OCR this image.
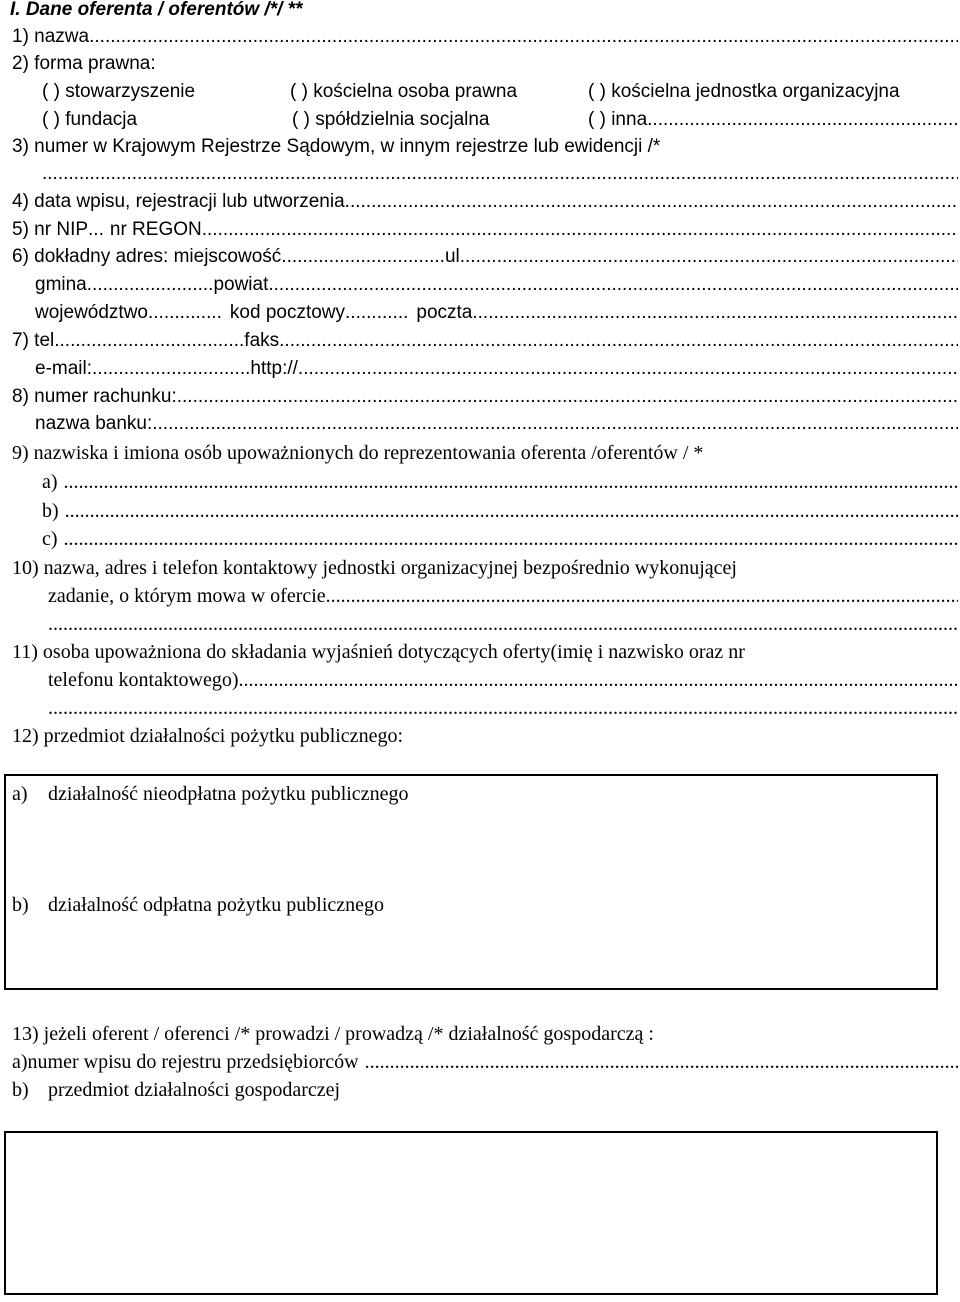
I. Dane oferenta / oferentów /*/ **
1) nazwa
.....
2) forma prawna:
( ) stowarzyszenie	( ) kościelna osoba prawna	( ) kościelna jednostka organizacyjna
( ) fundacja	( ) spółdzielnia socjalna	( ) inna
.....
3) numer w Krajowym Rejestrze Sądowym, w innym rejestrze lub ewidencji /*
.....
4) data wpisu, rejestracji lub utworzenia
.....
5) nr NIP ... nr REGON
.....
6) dokładny adres: miejscowość ............................... ul
.....
gmina ........................ powiat
.....
województwo .............. kod pocztowy ............ poczta
.....
7) tel. ................................... faks
.....
e-mail: .............................. http://
.....
8) numer rachunku:
.....
nazwa banku:
.....
9) nazwiska i imiona osób upoważnionych do reprezentowania oferenta /oferentów / *
a)
.....
b)
.....
c)
.....
10) nazwa, adres i telefon kontaktowy jednostki organizacyjnej bezpośrednio wykonującej
zadanie, o którym mowa w ofercie
.....
.....
11) osoba upoważniona do składania wyjaśnień dotyczących oferty(imię i nazwisko oraz nr
telefonu kontaktowego)
.....
.....
12) przedmiot działalności pożytku publicznego:
a) działalność nieodpłatna pożytku publicznego
b) działalność odpłatna pożytku publicznego
13) jeżeli oferent / oferenci /* prowadzi / prowadzą /* działalność gospodarczą :
a) numer wpisu do rejestru przedsiębiorców
.....
b) przedmiot działalności gospodarczej
